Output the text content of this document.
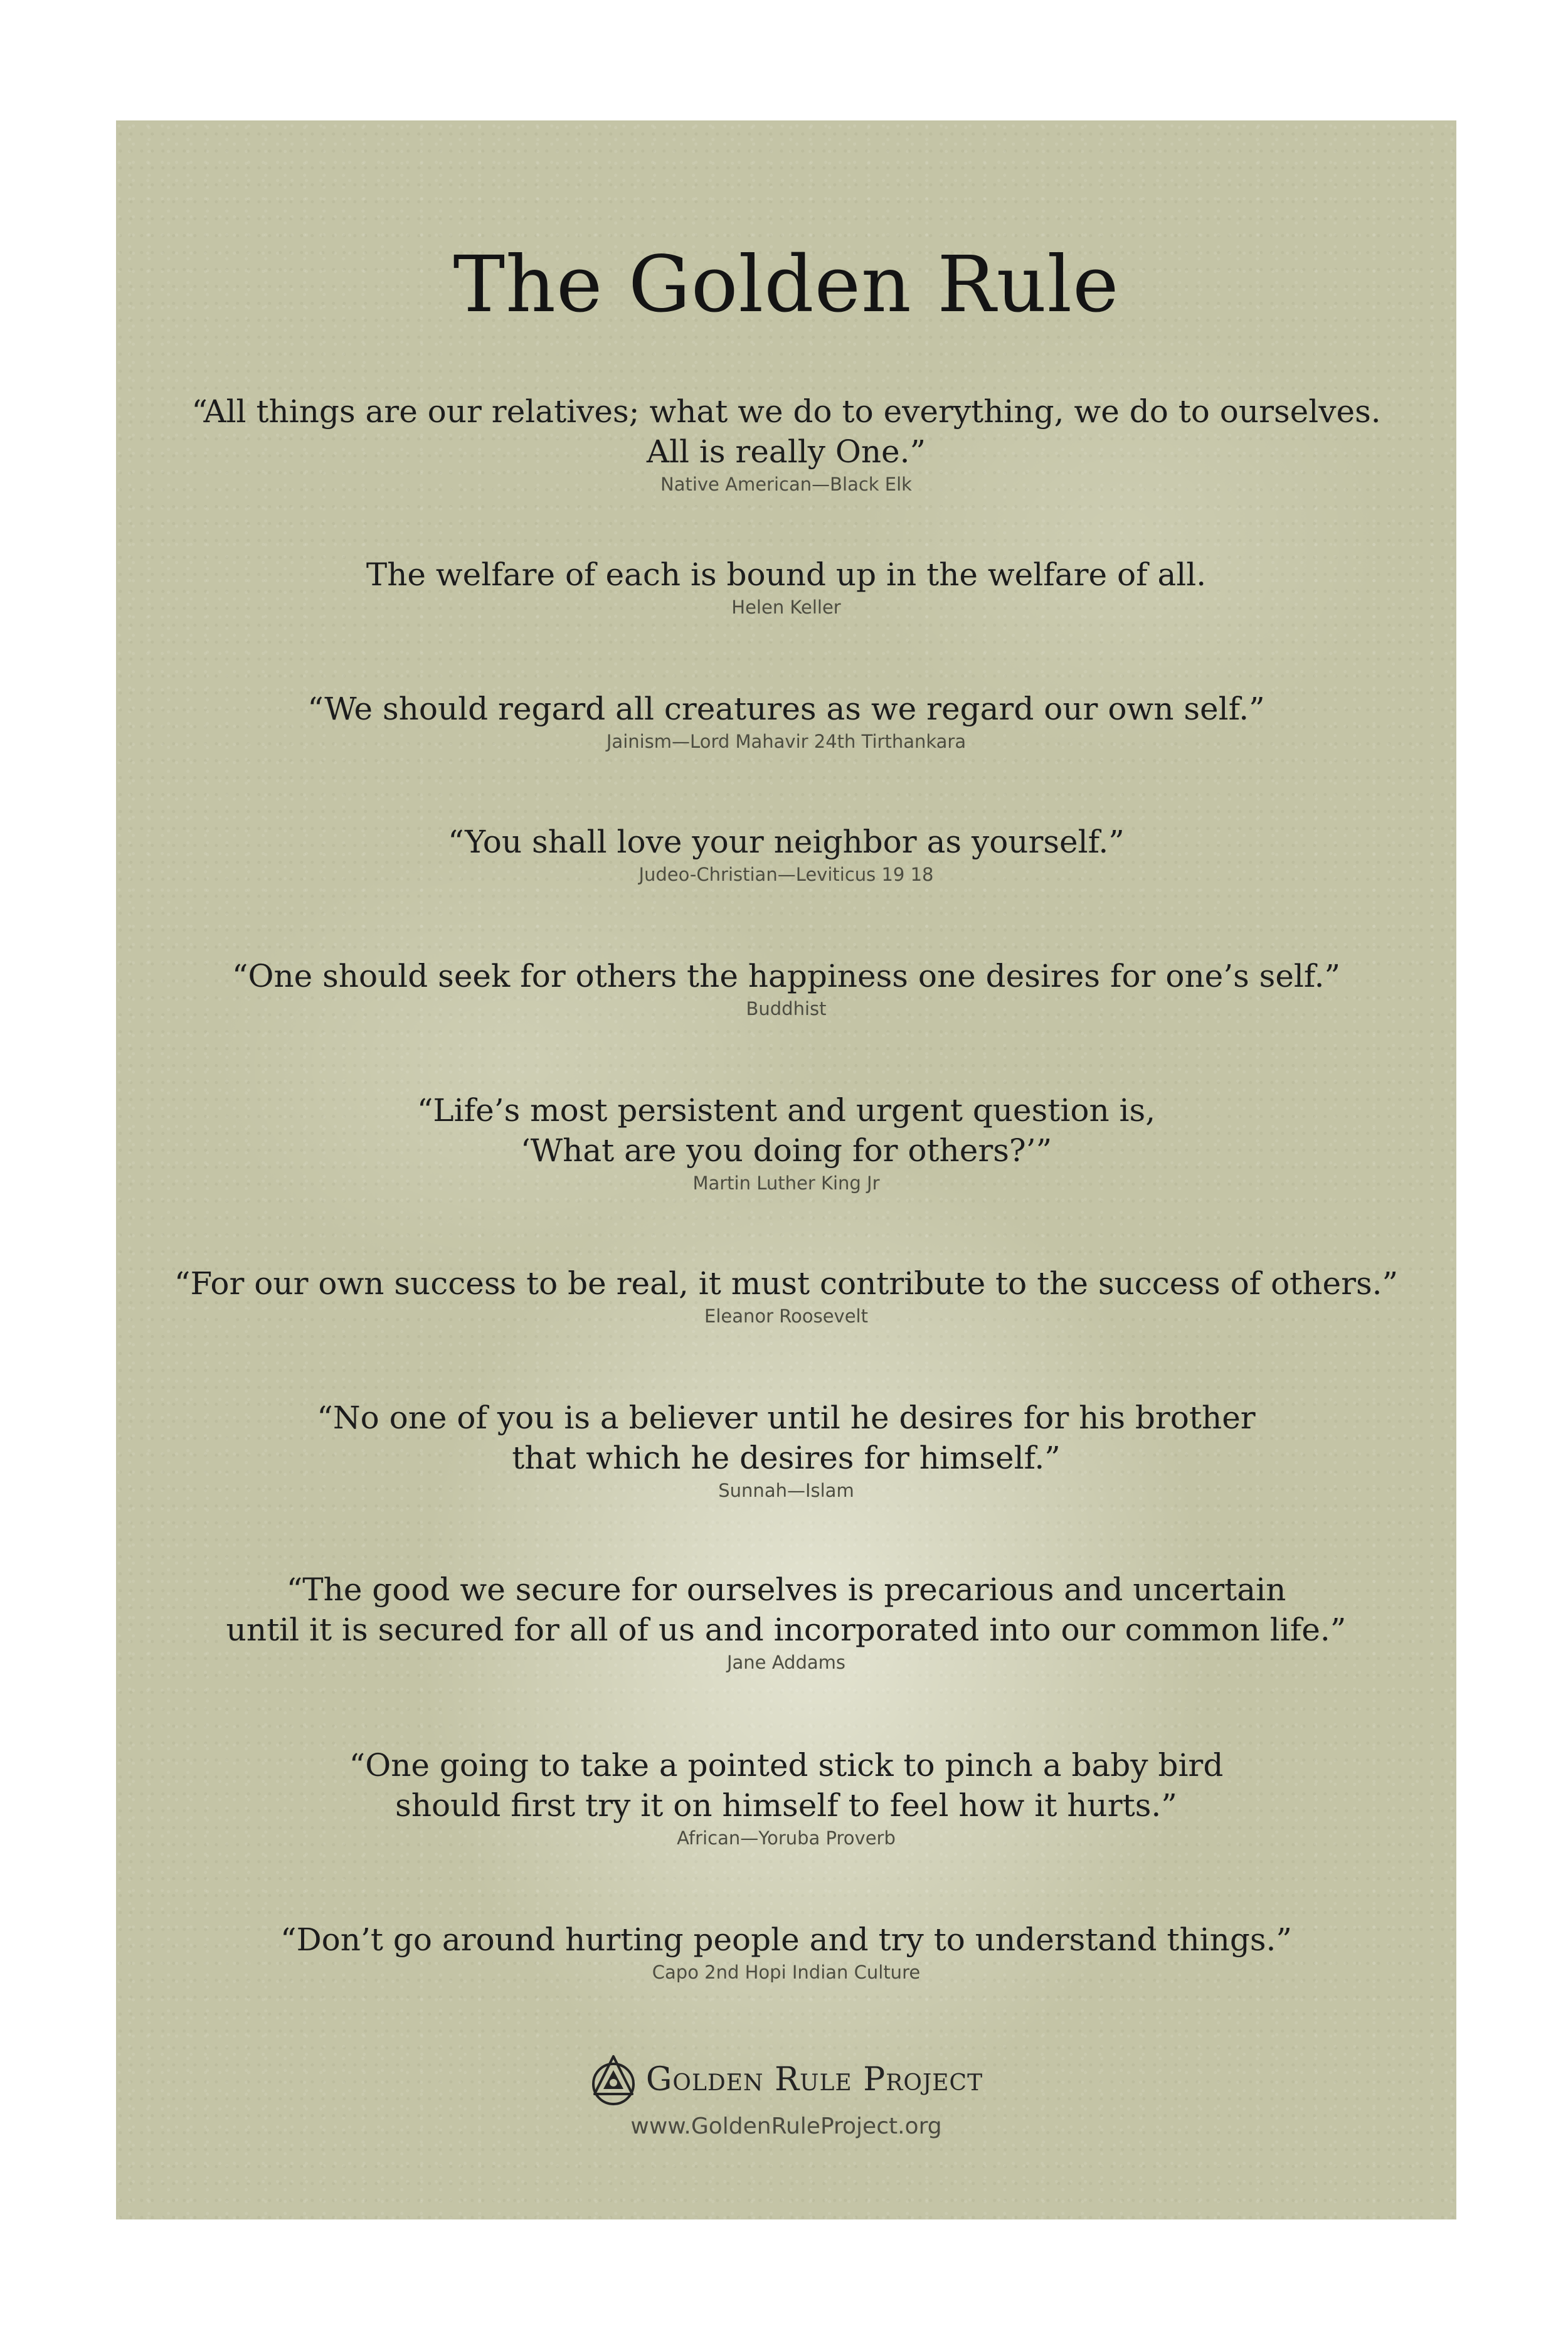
The Golden Rule
“All things are our relatives; what we do to everything, we do to ourselves.
All is really One.”
Native American—Black Elk
The welfare of each is bound up in the welfare of all.
Helen Keller
“We should regard all creatures as we regard our own self.”
Jainism—Lord Mahavir 24th Tirthankara
“You shall love your neighbor as yourself.”
Judeo-Christian—Leviticus 19 18
“One should seek for others the happiness one desires for one’s self.”
Buddhist
“Life’s most persistent and urgent question is,
‘What are you doing for others?’”
Martin Luther King Jr
“For our own success to be real, it must contribute to the success of others.”
Eleanor Roosevelt
“No one of you is a believer until he desires for his brother
that which he desires for himself.”
Sunnah—Islam
“The good we secure for ourselves is precarious and uncertain
until it is secured for all of us and incorporated into our common life.”
Jane Addams
“One going to take a pointed stick to pinch a baby bird
should first try it on himself to feel how it hurts.”
African—Yoruba Proverb
“Don’t go around hurting people and try to understand things.”
Capo 2nd Hopi Indian Culture
Golden Rule Project
www.GoldenRuleProject.org
